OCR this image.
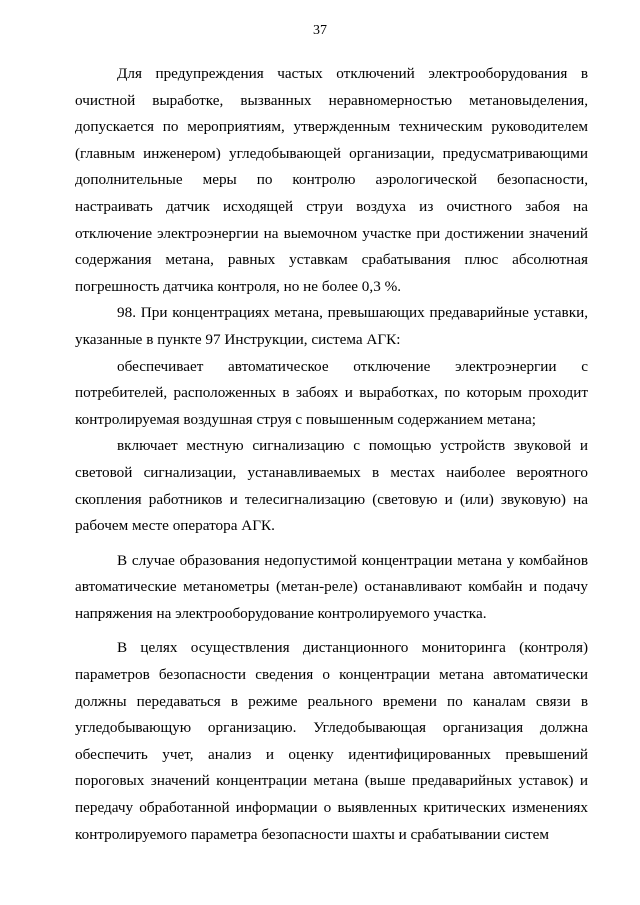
37

Для предупреждения частых отключений электрооборудования в очистной выработке, вызванных неравномерностью метановыделения, допускается по мероприятиям, утвержденным техническим руководителем (главным инженером) угледобывающей организации, предусматривающими дополнительные меры по контролю аэрологической безопасности, настраивать датчик исходящей струи воздуха из очистного забоя на отключение электроэнергии на выемочном участке при достижении значений содержания метана, равных уставкам срабатывания плюс абсолютная погрешность датчика контроля, но не более 0,3 %.

98. При концентрациях метана, превышающих предаварийные уставки, указанные в пункте 97 Инструкции, система АГК:

обеспечивает автоматическое отключение электроэнергии с потребителей, расположенных в забоях и выработках, по которым проходит контролируемая воздушная струя с повышенным содержанием метана;

включает местную сигнализацию с помощью устройств звуковой и световой сигнализации, устанавливаемых в местах наиболее вероятного скопления работников и телесигнализацию (световую и (или) звуковую) на рабочем месте оператора АГК.

В случае образования недопустимой концентрации метана у комбайнов автоматические метанометры (метан-реле) останавливают комбайн и подачу напряжения на электрооборудование контролируемого участка.

В целях осуществления дистанционного мониторинга (контроля) параметров безопасности сведения о концентрации метана автоматически должны передаваться в режиме реального времени по каналам связи в угледобывающую организацию. Угледобывающая организация должна обеспечить учет, анализ и оценку идентифицированных превышений пороговых значений концентрации метана (выше предаварийных уставок) и передачу обработанной информации о выявленных критических изменениях контролируемого параметра безопасности шахты и срабатывании систем
